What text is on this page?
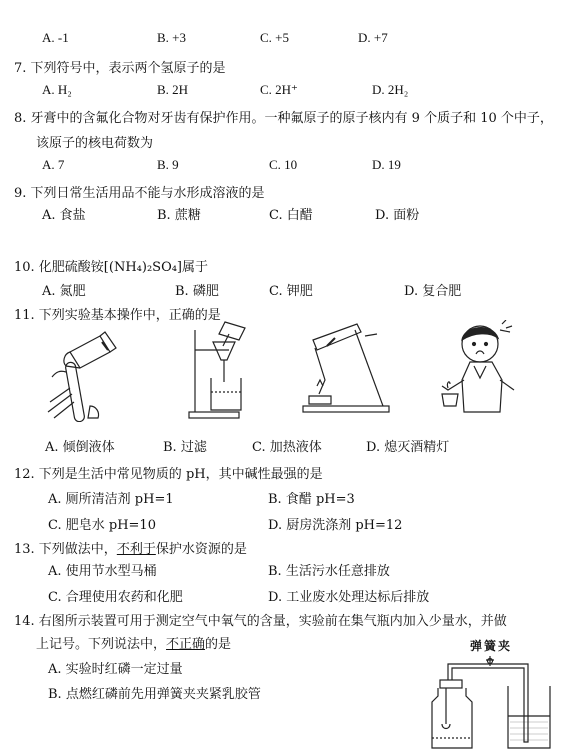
A. -1	B. +3	C. +5	D. +7
7. 下列符号中，表示两个氢原子的是
A. H₂	B. 2H	C. 2H⁺	D. 2H₂
8. 牙膏中的含氟化合物对牙齿有保护作用。一种氟原子的原子核内有 9 个质子和 10 个中子，
该原子的核电荷数为
A. 7	B. 9	C. 10	D. 19
9. 下列日常生活用品不能与水形成溶液的是
A. 食盐	B. 蔗糖	C. 白醋	D. 面粉
10. 化肥硫酸铵[(NH₄)₂SO₄]属于
A. 氮肥	B. 磷肥	C. 钾肥	D. 复合肥
11. 下列实验基本操作中，正确的是
A. 倾倒液体	B. 过滤	C. 加热液体	D. 熄灭酒精灯
12. 下列是生活中常见物质的 pH，其中碱性最强的是
A. 厕所清洁剂 pH=1	B. 食醋 pH=3
C. 肥皂水 pH=10	D. 厨房洗涤剂 pH=12
13. 下列做法中，不利于保护水资源的是
A. 使用节水型马桶	B. 生活污水任意排放
C. 合理使用农药和化肥	D. 工业废水处理达标后排放
14. 右图所示装置可用于测定空气中氧气的含量，实验前在集气瓶内加入少量水，并做
上记号。下列说法中，不正确的是
A. 实验时红磷一定过量
B. 点燃红磷前先用弹簧夹夹紧乳胶管
弹簧夹
